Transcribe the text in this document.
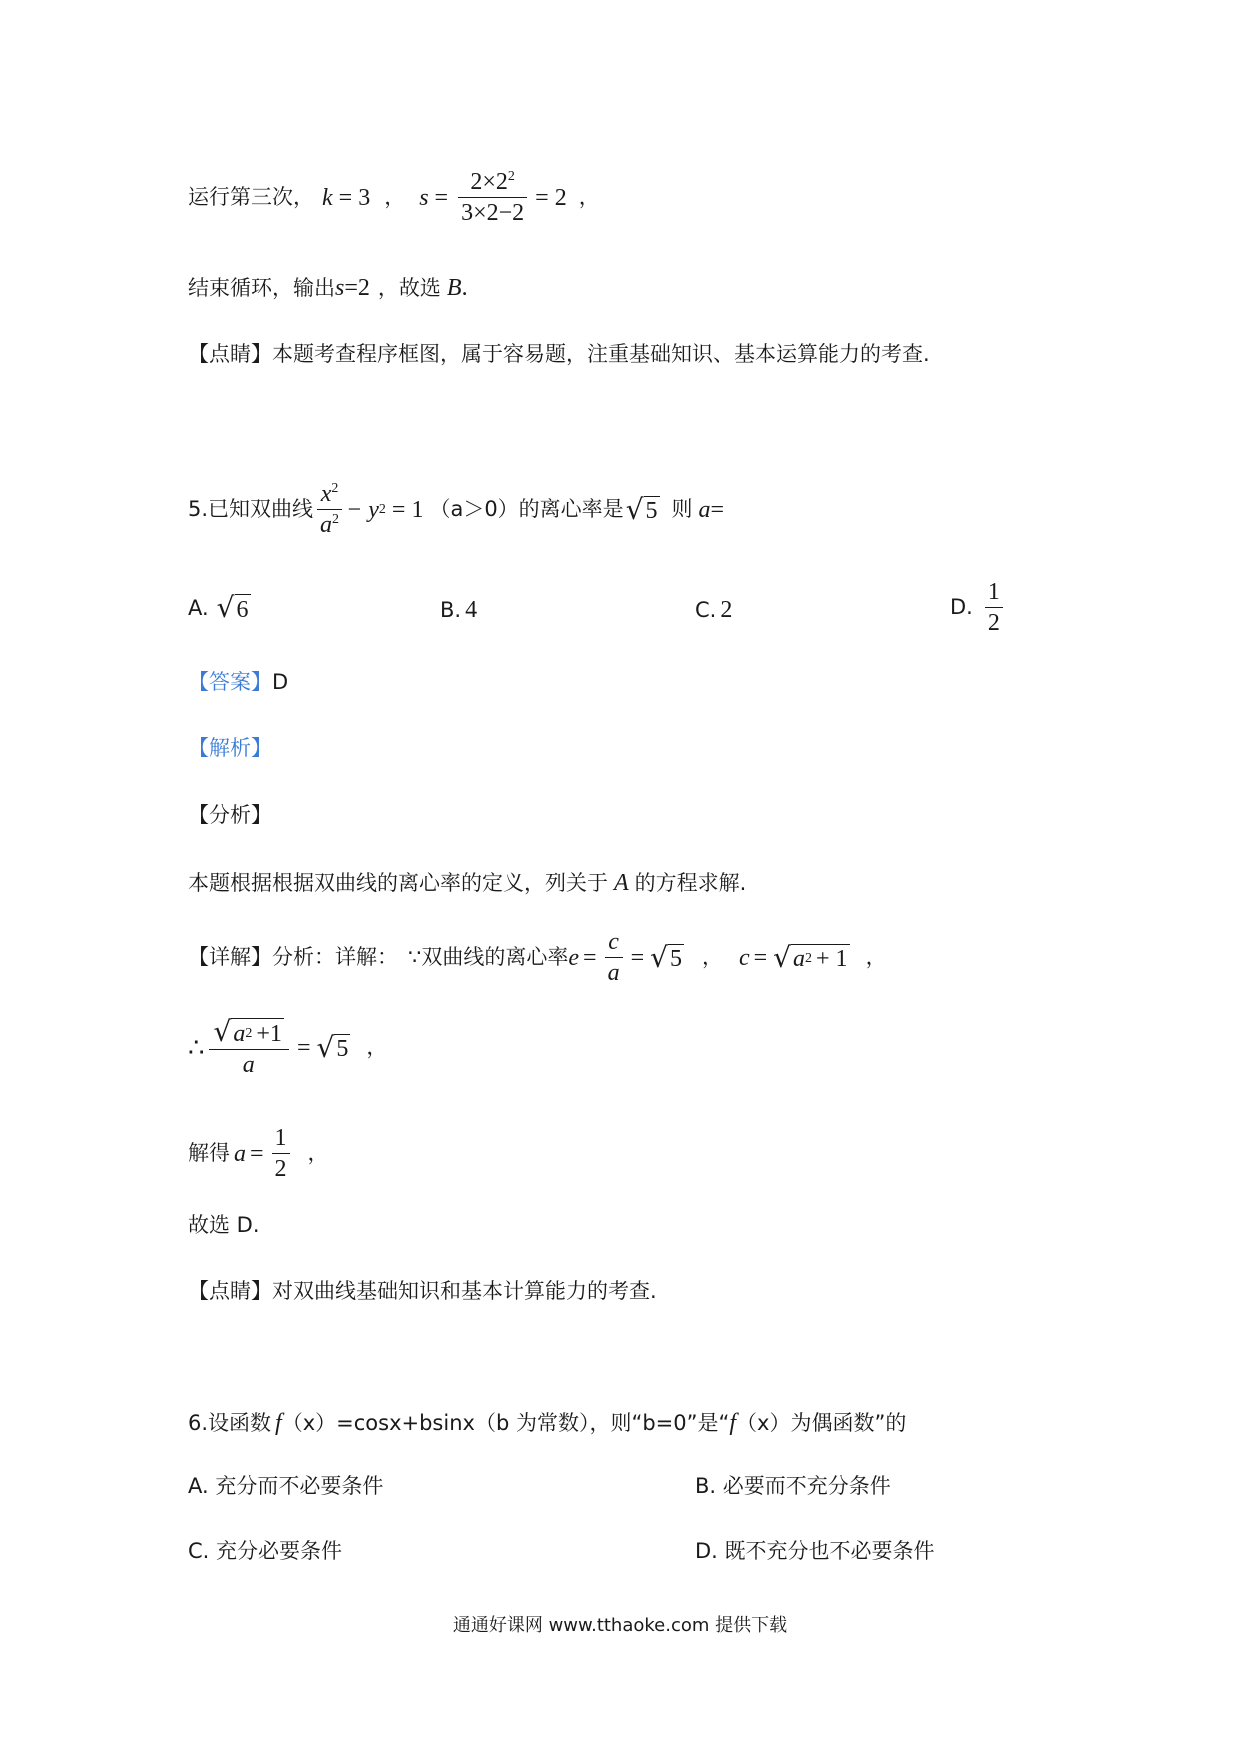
运行第三次， k = 3 ， $s = \frac{2\times 2^2}{3\times 2-2} = 2$ ，
结束循环，输出 s =2 ，故选 B .
【点睛】 本题考查程序框图，属于容易题，注重基础知识、基本运算能力的考查.
5.已知双曲线 $\frac{x^2}{a^2} - y$ 2 = 1 （a＞0）的离心率是 √ 5 则 a =
A. √ 6	B. 4	C. 2	D. $\frac{1}{2}$
【答案】 D
【解析】
【分析】
本题根据根据双曲线的离心率的定义，列关于 A 的方程求解.
【详解】 分析：详解： ∵双曲线的离心率 $e = \frac{c}{a}$ = √ 5 ， c = √ a 2 + 1 ，
∴ $\frac{√ a 2 +1}{a}$ = √ 5 ，
解得 $a = \frac{1}{2}$ ，
故选 D.
【点睛】 对双曲线基础知识和基本计算能力的考查.
6.设函数 f （x）=cosx+bsinx（b 为常数），则“b=0”是“ f （x）为偶函数”的
A. 充分而不必要条件	B. 必要而不充分条件
C. 充分必要条件	D. 既不充分也不必要条件
通通好课网 www.tthaoke.com 提供下载
